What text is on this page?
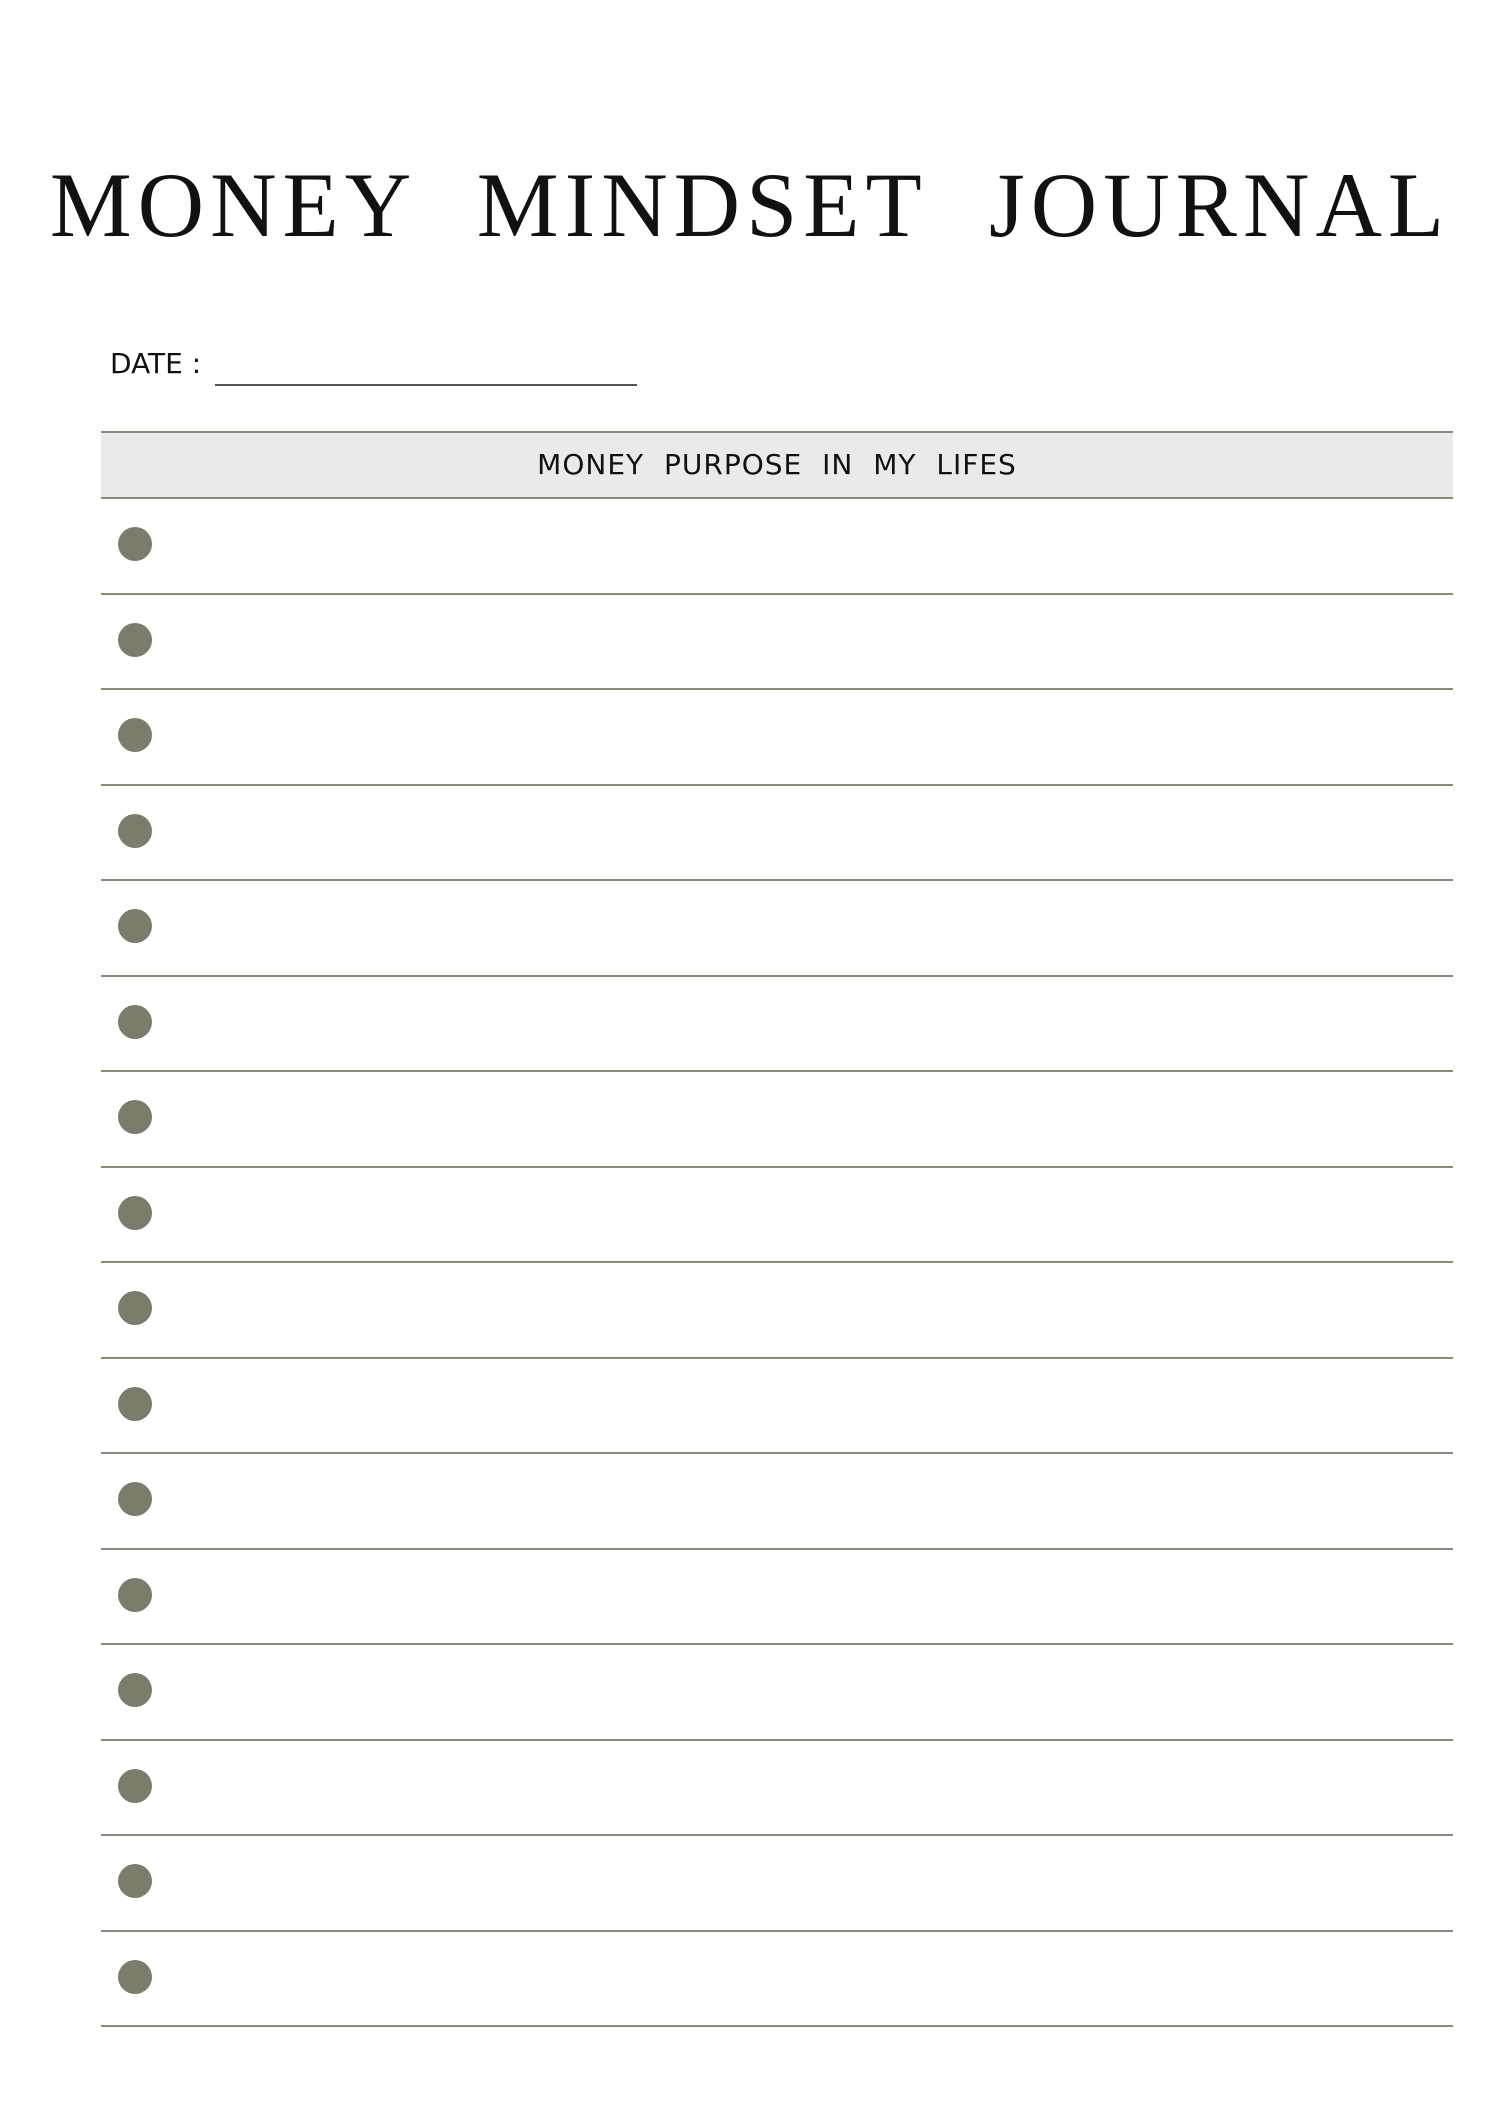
MONEY MINDSET JOURNAL
DATE :
MONEY PURPOSE IN MY LIFES
